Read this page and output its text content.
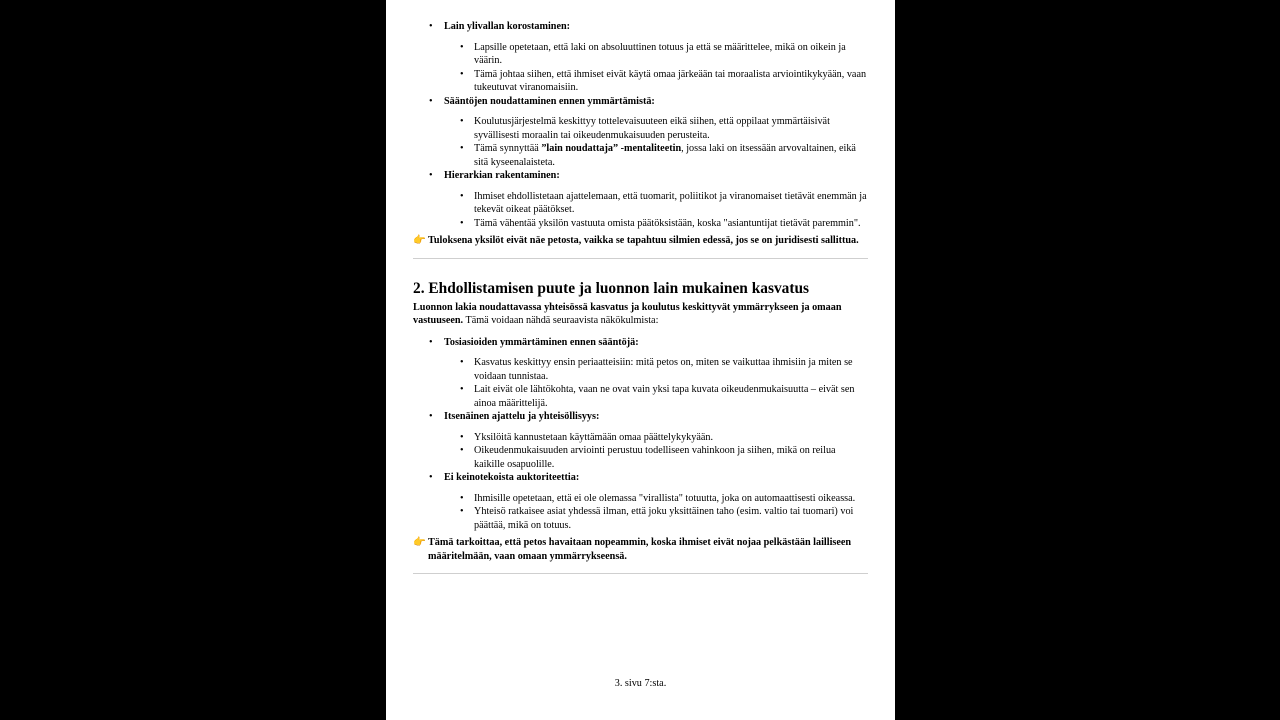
• Lain ylivallan korostaminen:
• Lapsille opetetaan, että laki on absoluuttinen totuus ja että se määrittelee, mikä on oikein ja väärin.
• Tämä johtaa siihen, että ihmiset eivät käytä omaa järkeään tai moraalista arviointikykyään, vaan tukeutuvat viranomaisiin.
• Sääntöjen noudattaminen ennen ymmärtämistä:
• Koulutusjärjestelmä keskittyy tottelevaisuuteen eikä siihen, että oppilaat ymmärtäisivät syvällisesti moraalin tai oikeudenmukaisuuden perusteita.
• Tämä synnyttää ”lain noudattaja” -mentaliteetin, jossa laki on itsessään arvovaltainen, eikä sitä kyseenalaisteta.
• Hierarkian rakentaminen:
• Ihmiset ehdollistetaan ajattelemaan, että tuomarit, poliitikot ja viranomaiset tietävät enemmän ja tekevät oikeat päätökset.
• Tämä vähentää yksilön vastuuta omista päätöksistään, koska "asiantuntijat tietävät paremmin".
👉 Tuloksena yksilöt eivät näe petosta, vaikka se tapahtuu silmien edessä, jos se on juridisesti sallittua.
2. Ehdollistamisen puute ja luonnon lain mukainen kasvatus

Luonnon lakia noudattavassa yhteisössä kasvatus ja koulutus keskittyvät ymmärrykseen ja omaan vastuuseen. Tämä voidaan nähdä seuraavista näkökulmista:

• Tosiasioiden ymmärtäminen ennen sääntöjä:
• Kasvatus keskittyy ensin periaatteisiin: mitä petos on, miten se vaikuttaa ihmisiin ja miten se voidaan tunnistaa.
• Lait eivät ole lähtökohta, vaan ne ovat vain yksi tapa kuvata oikeudenmukaisuutta – eivät sen ainoa määrittelijä.
• Itsenäinen ajattelu ja yhteisöllisyys:
• Yksilöitä kannustetaan käyttämään omaa päättelykykyään.
• Oikeudenmukaisuuden arviointi perustuu todelliseen vahinkoon ja siihen, mikä on reilua kaikille osapuolille.
• Ei keinotekoista auktoriteettia:
• Ihmisille opetetaan, että ei ole olemassa "virallista" totuutta, joka on automaattisesti oikeassa.
• Yhteisö ratkaisee asiat yhdessä ilman, että joku yksittäinen taho (esim. valtio tai tuomari) voi päättää, mikä on totuus.
👉 Tämä tarkoittaa, että petos havaitaan nopeammin, koska ihmiset eivät nojaa pelkästään lailliseen määritelmään, vaan omaan ymmärrykseensä.
3. sivu 7:sta.
